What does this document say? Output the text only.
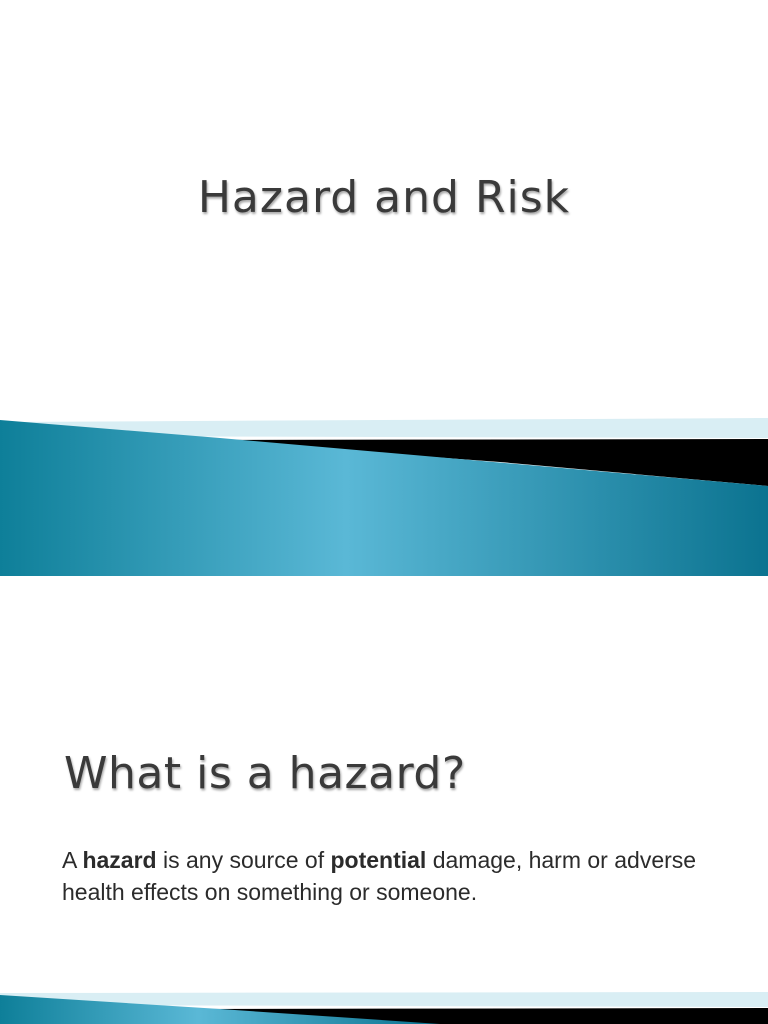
Hazard and Risk
What is a hazard?

A hazard is any source of potential damage, harm or adverse health effects on something or someone.
